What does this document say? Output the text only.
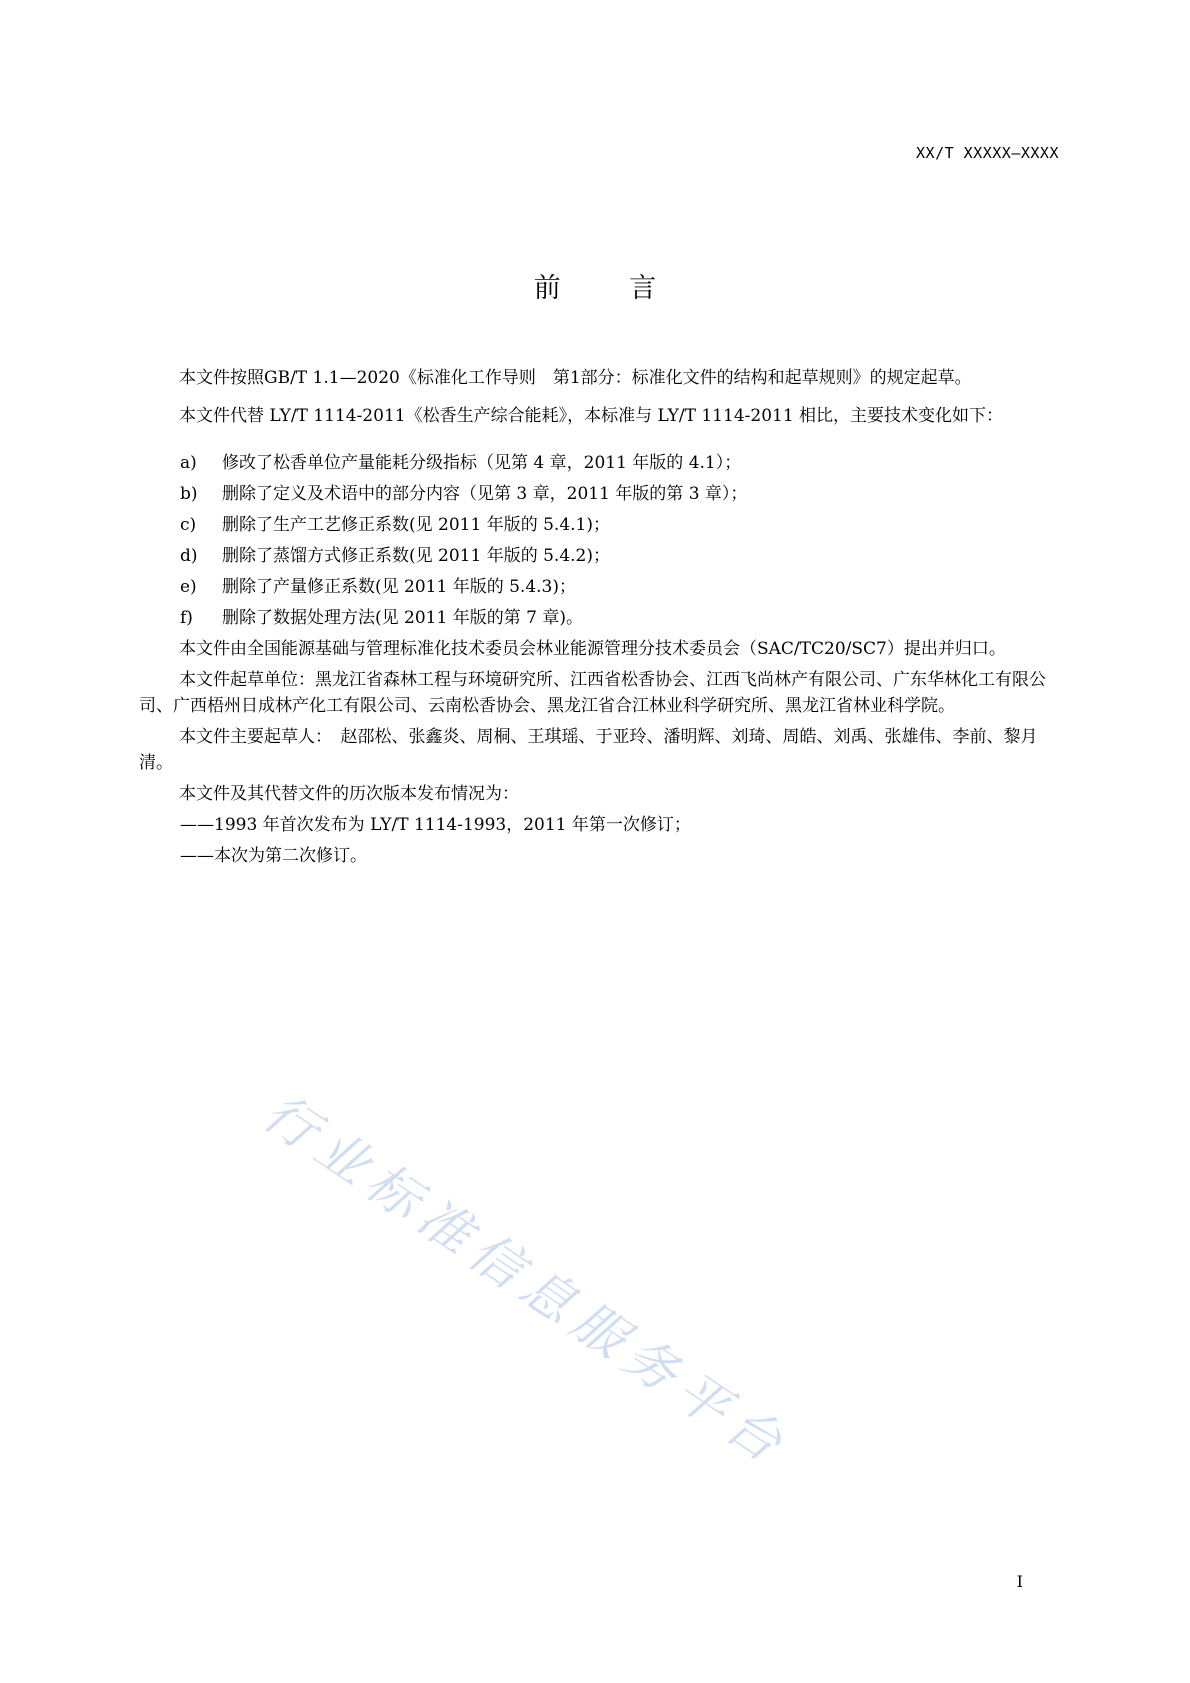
XX/T XXXXX—XXXX
前 言

本文件按照GB/T 1.1—2020《标准化工作导则　第1部分：标准化文件的结构和起草规则》的规定起草。

本文件代替 LY/T 1114-2011《松香生产综合能耗》，本标准与 LY/T 1114-2011 相比，主要技术变化如下：

a)	修改了松香单位产量能耗分级指标（见第 4 章，2011 年版的 4.1）；
b)	删除了定义及术语中的部分内容（见第 3 章，2011 年版的第 3 章）；
c)	删除了生产工艺修正系数(见 2011 年版的 5.4.1)；
d)	删除了蒸馏方式修正系数(见 2011 年版的 5.4.2)；
e)	删除了产量修正系数(见 2011 年版的 5.4.3)；
f)	删除了数据处理方法(见 2011 年版的第 7 章)。

本文件由全国能源基础与管理标准化技术委员会林业能源管理分技术委员会（SAC/TC20/SC7）提出并归口。

本文件起草单位：黑龙江省森林工程与环境研究所、江西省松香协会、江西飞尚林产有限公司、广东华林化工有限公司、广西梧州日成林产化工有限公司、云南松香协会、黑龙江省合江林业科学研究所、黑龙江省林业科学院。

本文件主要起草人：　赵邵松、张鑫炎、周桐、王琪瑶、于亚玲、潘明辉、刘琦、周皓、刘禹、张雄伟、李前、黎月清。

本文件及其代替文件的历次版本发布情况为：

——1993 年首次发布为 LY/T 1114-1993，2011 年第一次修订；

——本次为第二次修订。

行业标准信息服务平台
I
